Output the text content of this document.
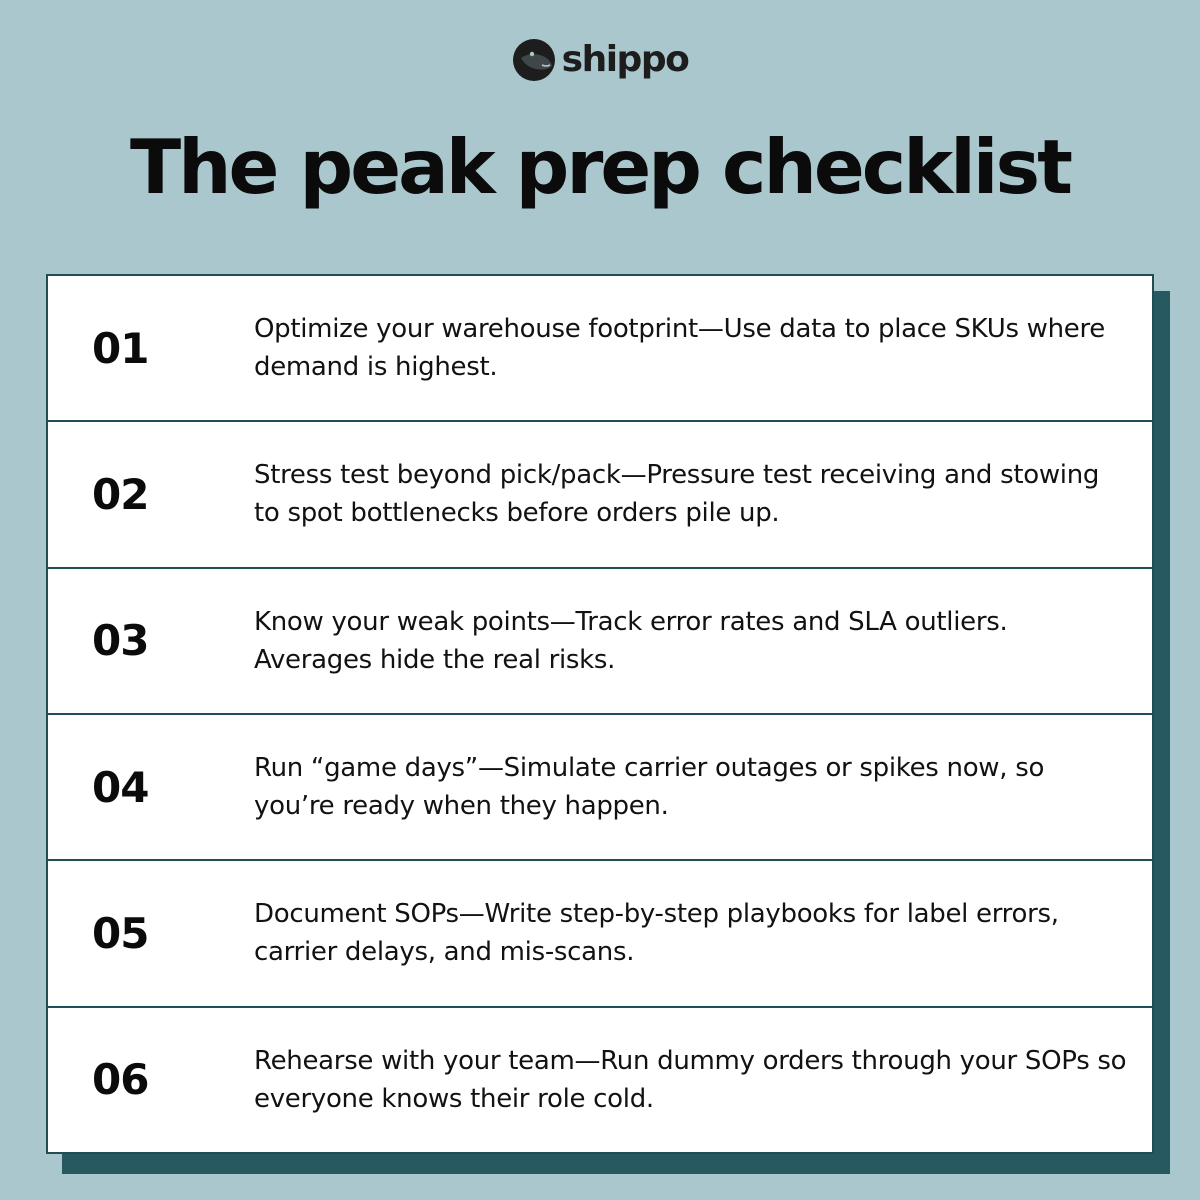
shippo
The peak prep checklist
01	Optimize your warehouse footprint—Use data to place SKUs where demand is highest.
02	Stress test beyond pick/pack—Pressure test receiving and stowing to spot bottlenecks before orders pile up.
03	Know your weak points—Track error rates and SLA outliers. Averages hide the real risks.
04	Run “game days”—Simulate carrier outages or spikes now, so you’re ready when they happen.
05	Document SOPs—Write step-by-step playbooks for label errors, carrier delays, and mis-scans.
06	Rehearse with your team—Run dummy orders through your SOPs so everyone knows their role cold.
